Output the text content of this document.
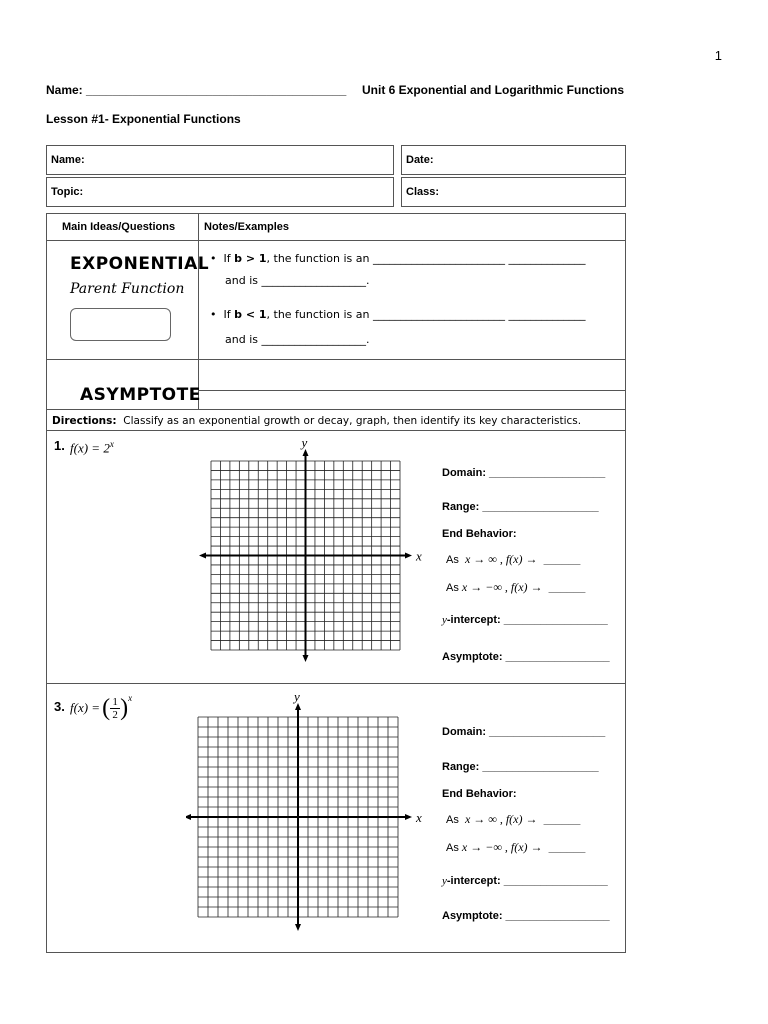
1
Name: _______________________________________ Unit 6 Exponential and Logarithmic Functions
Lesson #1- Exponential Functions
Name:	Date:
Topic:	Class:
Main Ideas/Questions	Notes/Examples
EXPONENTIAL
Parent Function
•  If b > 1, the function is an ________________________ ______________
and is ___________________.
•  If b < 1, the function is an ________________________ ______________
and is ___________________.
ASYMPTOTE
Directions: Classify as an exponential growth or decay, graph, then identify its key characteristics.
1. $f(x) = 2^x$
x
y
Domain: ___________________
Range: ___________________
End Behavior:
As x → ∞ , f(x) → ______
As x → −∞ , f(x) → ______
y-intercept: _________________
Asymptote: _________________
3. f(x) = ( 1
2 )$^x$
x
y
Domain: ___________________
Range: ___________________
End Behavior:
As x → ∞ , f(x) → ______
As x → −∞ , f(x) → ______
y-intercept: _________________
Asymptote: _________________
